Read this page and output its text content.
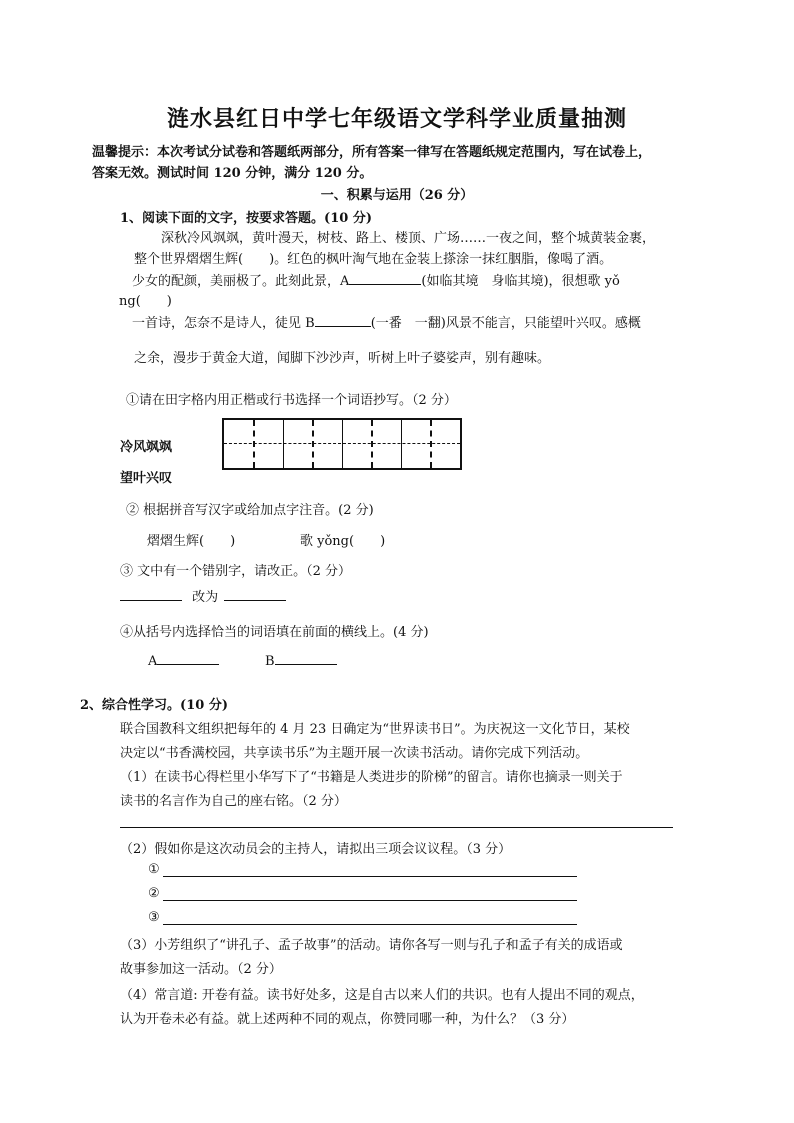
涟水县红日中学七年级语文学科学业质量抽测
温馨提示：本次考试分试卷和答题纸两部分，所有答案一律写在答题纸规定范围内，写在试卷上，
答案无效。测试时间 120 分钟，满分 120 分。
一、积累与运用（26 分）
1、阅读下面的文字，按要求答题。(10 分)
深秋冷风飒飒，黄叶漫天，树枝、路上、楼顶、广场……一夜之间，整个城黄装金裹，
整个世界熠熠生辉(　　)。红色的枫叶淘气地在金装上搽涂一抹红胭脂，像喝了酒。
少女的配颜，美丽极了。此刻此景，A	(如临其境　身临其境)，很想歌 yǒ
ng(　　)
一首诗，怎奈不是诗人，徒见 B	(一番　一翻)风景不能言，只能望叶兴叹。感概
之余，漫步于黄金大道，闻脚下沙沙声，听树上叶子婆娑声，别有趣味。
①请在田字格内用正楷或行书选择一个词语抄写。（2 分）
冷风飒飒
望叶兴叹
② 根据拼音写汉字或给加点字注音。(2 分)
熠熠生辉(　　)	歌 yǒng(　　)
③ 文中有一个错别字，请改正。（2 分）
改为
④从括号内选择恰当的词语填在前面的横线上。(4 分)
A	B
2、综合性学习。(10 分)
联合国教科文组织把每年的 4 月 23 日确定为“世界读书日”。为庆祝这一文化节日，某校
决定以“书香满校园，共享读书乐”为主题开展一次读书活动。请你完成下列活动。
（1）在读书心得栏里小华写下了“书籍是人类进步的阶梯”的留言。请你也摘录一则关于
读书的名言作为自己的座右铭。（2 分）
（2）假如你是这次动员会的主持人，请拟出三项会议议程。（3 分）
①
②
③
（3）小芳组织了“讲孔子、孟子故事”的活动。请你各写一则与孔子和孟子有关的成语或
故事参加这一活动。（2 分）
（4）常言道: 开卷有益。读书好处多，这是自古以来人们的共识。也有人提出不同的观点，
认为开卷未必有益。就上述两种不同的观点，你赞同哪一种，为什么？（3 分）
